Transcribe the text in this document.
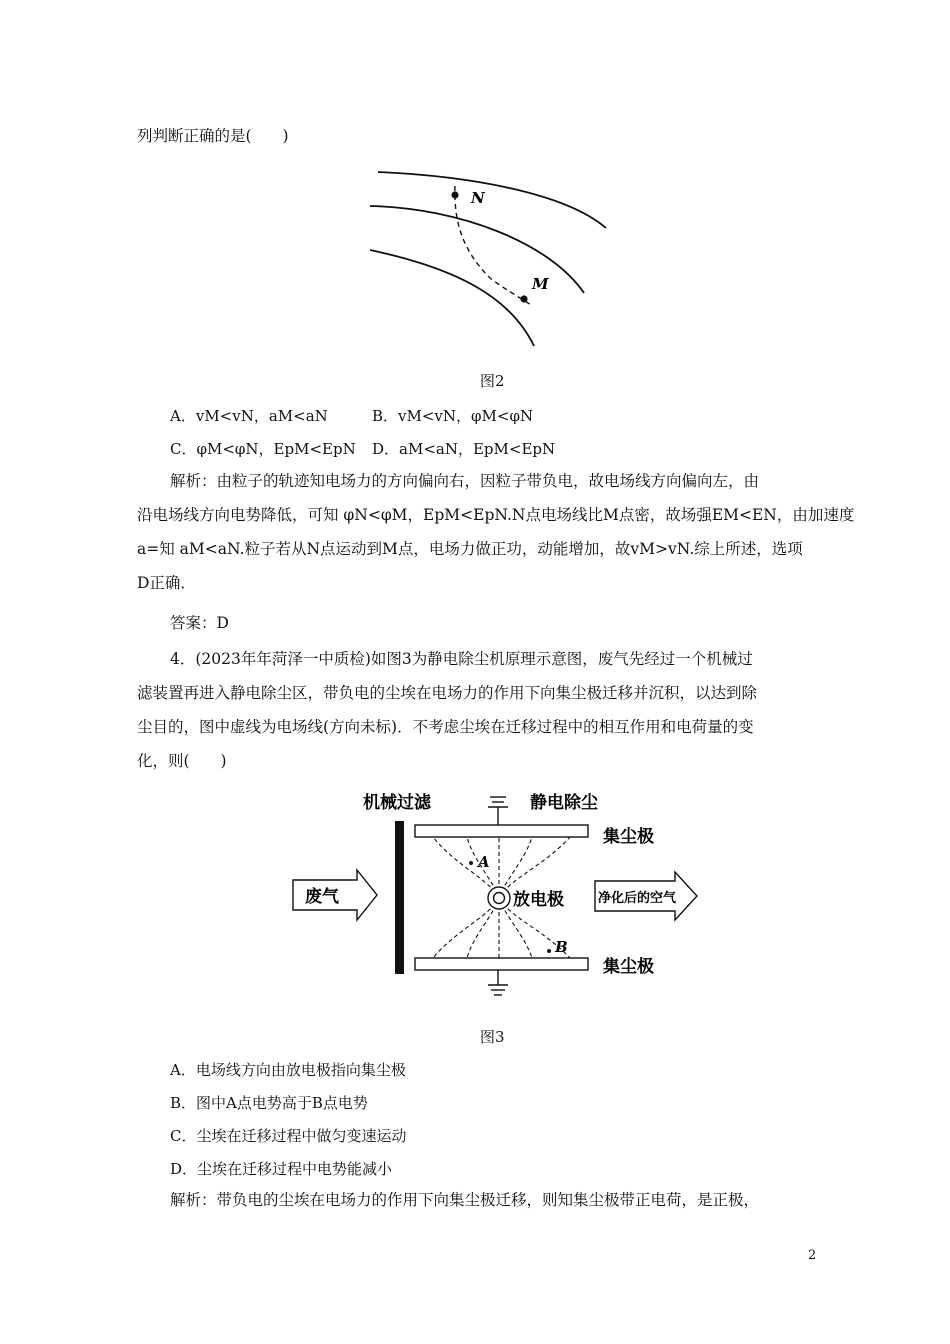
列判断正确的是(　　)
N
M
图2
A．vM<vN，aM<aN	B．vM<vN，φM<φN
C．φM<φN，EpM<EpN D．aM<aN，EpM<EpN
解析：由粒子的轨迹知电场力的方向偏向右，因粒子带负电，故电场线方向偏向左，由
沿电场线方向电势降低，可知 φN<φM，EpM<EpN.N点电场线比M点密，故场强EM<EN，由加速度
a=知 aM<aN.粒子若从N点运动到M点，电场力做正功，动能增加，故vM>vN.综上所述，选项
D正确．
答案：D
4．(2023年年菏泽一中质检)如图3为静电除尘机原理示意图，废气先经过一个机械过
滤装置再进入静电除尘区，带负电的尘埃在电场力的作用下向集尘极迁移并沉积，以达到除
尘目的，图中虚线为电场线(方向未标)．不考虑尘埃在迁移过程中的相互作用和电荷量的变
化，则(　　)
机械过滤	静电除尘
集尘极
集尘极
放电极
A
B
废气	净化后的空气
图3
A．电场线方向由放电极指向集尘极
B．图中A点电势高于B点电势
C．尘埃在迁移过程中做匀变速运动
D．尘埃在迁移过程中电势能减小
解析：带负电的尘埃在电场力的作用下向集尘极迁移，则知集尘极带正电荷，是正极，
2
